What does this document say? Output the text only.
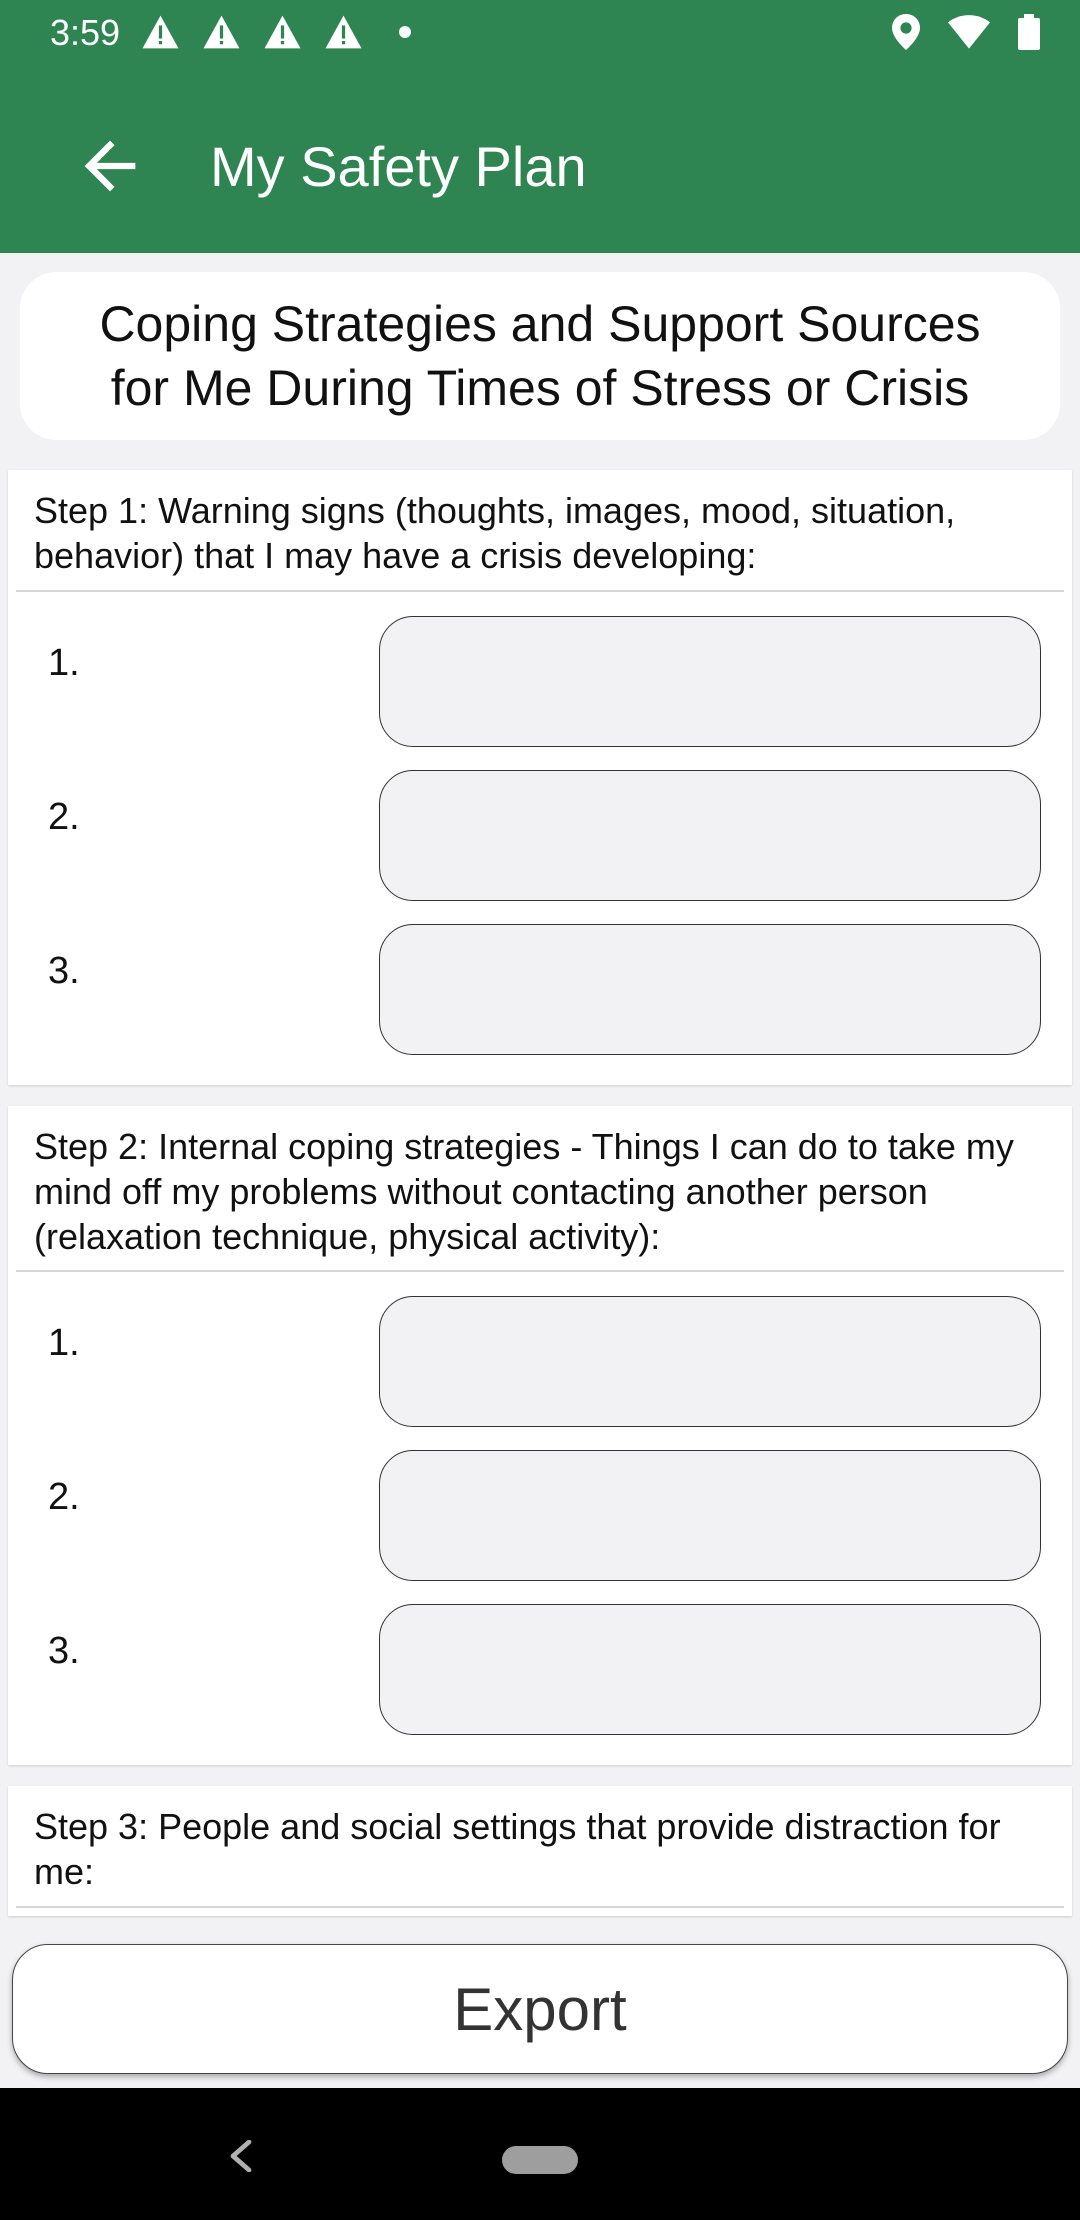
3:59
My Safety Plan
Coping Strategies and Support Sources
for Me During Times of Stress or Crisis
Step 1: Warning signs (thoughts, images, mood, situation, behavior) that I may have a crisis developing:
1.
2.
3.
Step 2: Internal coping strategies - Things I can do to take my mind off my problems without contacting another person (relaxation technique, physical activity):
1.
2.
3.
Step 3: People and social settings that provide distraction for me:
Export
